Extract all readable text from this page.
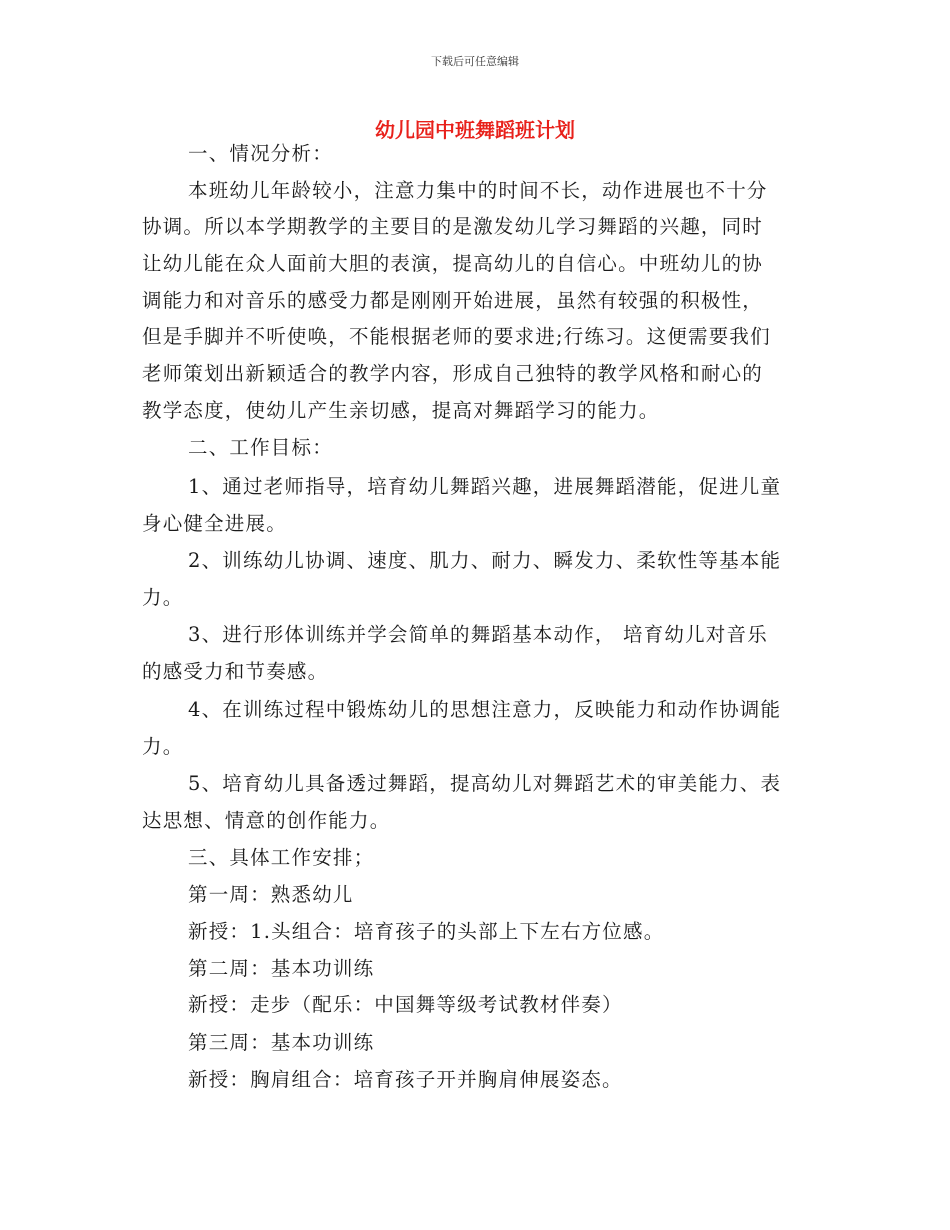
下载后可任意编辑
幼儿园中班舞蹈班计划
一、情况分析：
本班幼儿年龄较小，注意力集中的时间不长，动作进展也不十分
协调。所以本学期教学的主要目的是激发幼儿学习舞蹈的兴趣，同时
让幼儿能在众人面前大胆的表演，提高幼儿的自信心。中班幼儿的协
调能力和对音乐的感受力都是刚刚开始进展，虽然有较强的积极性，
但是手脚并不听使唤，不能根据老师的要求进;行练习。这便需要我们
老师策划出新颖适合的教学内容，形成自己独特的教学风格和耐心的
教学态度，使幼儿产生亲切感，提高对舞蹈学习的能力。
二、工作目标：
1、通过老师指导，培育幼儿舞蹈兴趣，进展舞蹈潜能，促进儿童
身心健全进展。
2、训练幼儿协调、速度、肌力、耐力、瞬发力、柔软性等基本能
力。
3、进行形体训练并学会简单的舞蹈基本动作， 培育幼儿对音乐
的感受力和节奏感。
4、在训练过程中锻炼幼儿的思想注意力，反映能力和动作协调能
力。
5、培育幼儿具备透过舞蹈，提高幼儿对舞蹈艺术的审美能力、表
达思想、情意的创作能力。
三、具体工作安排；
第一周：熟悉幼儿
新授：1.头组合：培育孩子的头部上下左右方位感。
第二周：基本功训练
新授：走步（配乐：中国舞等级考试教材伴奏）
第三周：基本功训练
新授：胸肩组合：培育孩子开并胸肩伸展姿态。
